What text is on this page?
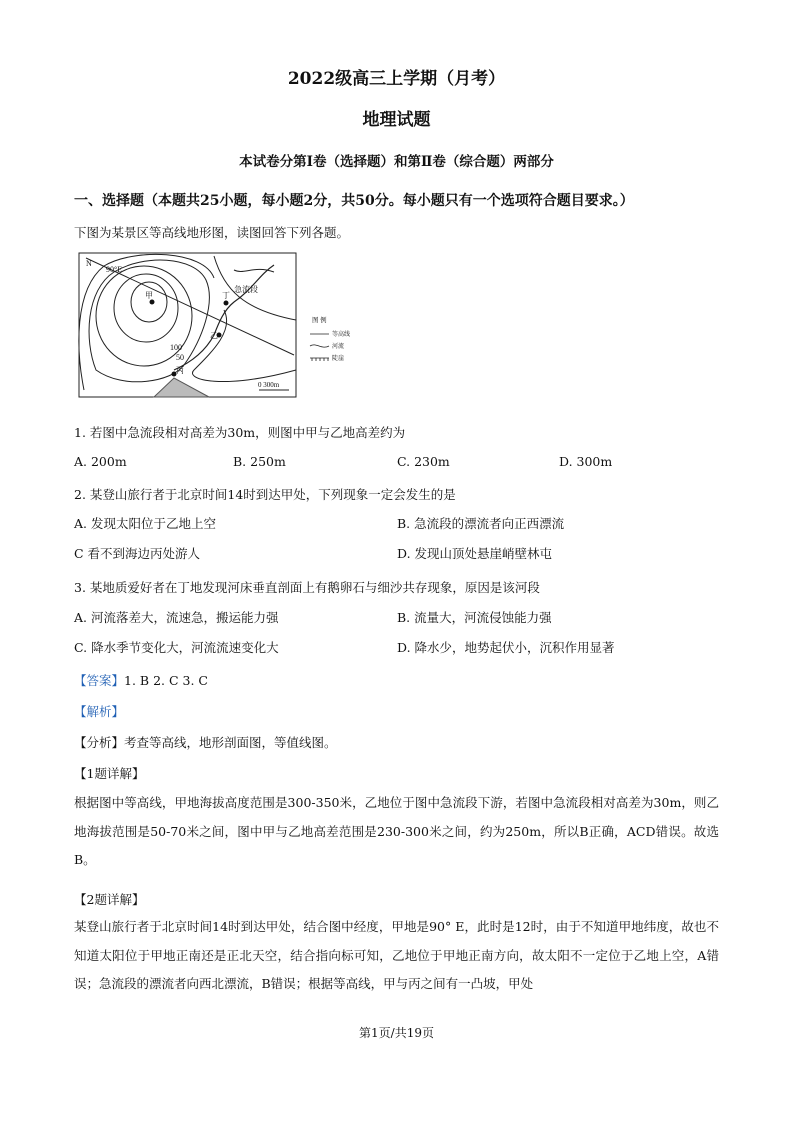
2022级高三上学期（月考）
地理试题
本试卷分第Ⅰ卷（选择题）和第Ⅱ卷（综合题）两部分
一、选择题（本题共25小题，每小题2分，共50分。每小题只有一个选项符合题目要求。）
下图为某景区等高线地形图，读图回答下列各题。
N
90°E
甲	丁
乙
丙
急流段
100
50
0 300m
图 例
等高线
河流
陡崖
1. 若图中急流段相对高差为30m，则图中甲与乙地高差约为
A. 200m	B. 250m	C. 230m	D. 300m
2. 某登山旅行者于北京时间14时到达甲处，下列现象一定会发生的是
A. 发现太阳位于乙地上空	B. 急流段的漂流者向正西漂流
C 看不到海边丙处游人	D. 发现山顶处悬崖峭壁林屯
3. 某地质爱好者在丁地发现河床垂直剖面上有鹅卵石与细沙共存现象，原因是该河段
A. 河流落差大，流速急，搬运能力强	B. 流量大，河流侵蚀能力强
C. 降水季节变化大，河流流速变化大	D. 降水少，地势起伏小，沉积作用显著
【答案】1. B 2. C 3. C
【解析】
【分析】考查等高线，地形剖面图，等值线图。
【1题详解】
根据图中等高线，甲地海拔高度范围是300-350米，乙地位于图中急流段下游，若图中急流段相对高差为30m，则乙地海拔范围是50-70米之间，图中甲与乙地高差范围是230-300米之间，约为250m，所以B正确，ACD错误。故选B。
【2题详解】
某登山旅行者于北京时间14时到达甲处，结合图中经度，甲地是90° E，此时是12时，由于不知道甲地纬度，故也不知道太阳位于甲地正南还是正北天空，结合指向标可知，乙地位于甲地正南方向，故太阳不一定位于乙地上空，A错误；急流段的漂流者向西北漂流，B错误；根据等高线，甲与丙之间有一凸坡，甲处
第1页/共19页
